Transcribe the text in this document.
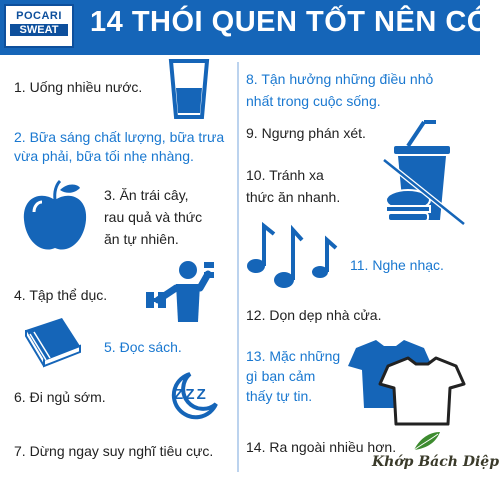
POCARI
SWEAT	14 THÓI QUEN TỐT NÊN CÓ
1. Uống nhiều nước.
2. Bữa sáng chất lượng, bữa trưa
vừa phải, bữa tối nhẹ nhàng.
3. Ăn trái cây,
rau quả và thức
ăn tự nhiên.
4. Tập thể dục.
5. Đọc sách.
6. Đi ngủ sớm.	Z Z Z
7. Dừng ngay suy nghĩ tiêu cực.
8. Tận hưởng những điều nhỏ
nhất trong cuộc sống.
9. Ngưng phán xét.
10. Tránh xa
thức ăn nhanh.
11. Nghe nhạc.
12. Dọn dẹp nhà cửa.
13. Mặc những
gì bạn cảm
thấy tự tin.
14. Ra ngoài nhiều hơn.
Khớp Bách Diệp
